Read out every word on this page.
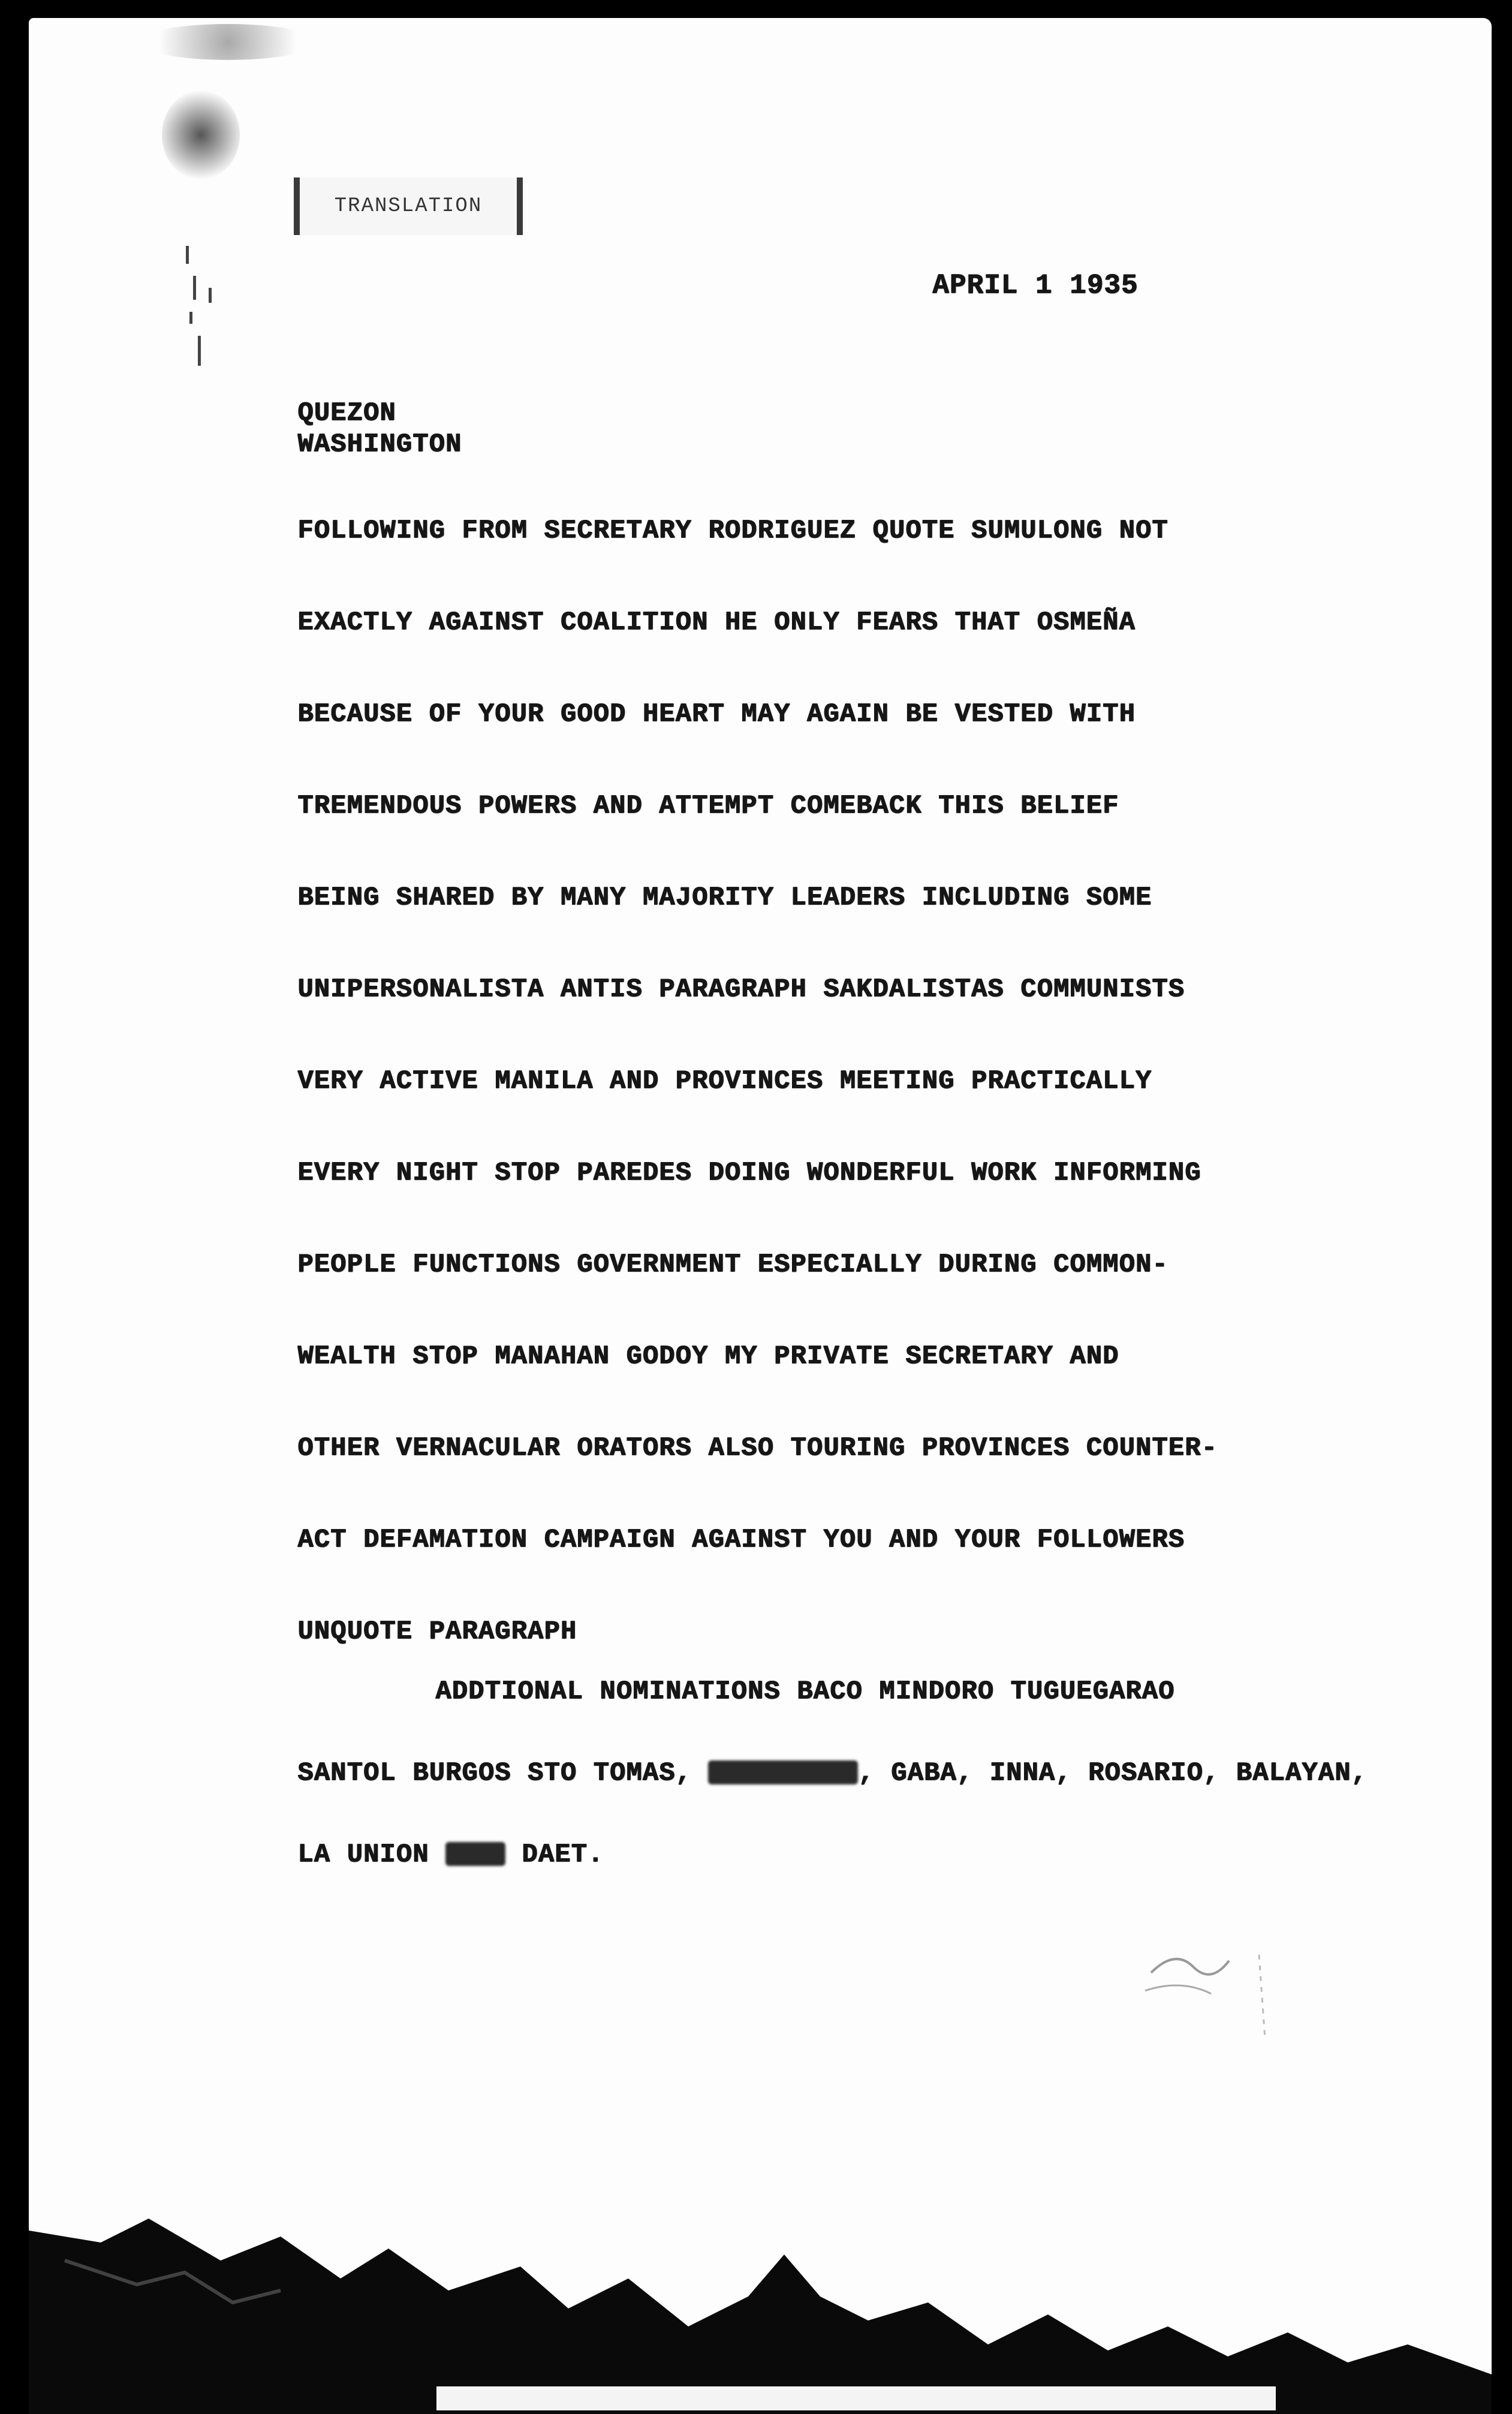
TRANSLATION
APRIL 1 1935
QUEZON
WASHINGTON
FOLLOWING FROM SECRETARY RODRIGUEZ QUOTE SUMULONG NOT
EXACTLY AGAINST COALITION HE ONLY FEARS THAT OSMEÑA
BECAUSE OF YOUR GOOD HEART MAY AGAIN BE VESTED WITH
TREMENDOUS POWERS AND ATTEMPT COMEBACK THIS BELIEF
BEING SHARED BY MANY MAJORITY LEADERS INCLUDING SOME
UNIPERSONALISTA ANTIS PARAGRAPH SAKDALISTAS COMMUNISTS
VERY ACTIVE MANILA AND PROVINCES MEETING PRACTICALLY
EVERY NIGHT STOP PAREDES DOING WONDERFUL WORK INFORMING
PEOPLE FUNCTIONS GOVERNMENT ESPECIALLY DURING COMMON-
WEALTH STOP MANAHAN GODOY MY PRIVATE SECRETARY AND
OTHER VERNACULAR ORATORS ALSO TOURING PROVINCES COUNTER-
ACT DEFAMATION CAMPAIGN AGAINST YOU AND YOUR FOLLOWERS
UNQUOTE PARAGRAPH
ADDTIONAL NOMINATIONS BACO MINDORO TUGUEGARAO
SANTOL BURGOS STO TOMAS,	, GABA, INNA, ROSARIO, BALAYAN,
LA UNION  DAET.
